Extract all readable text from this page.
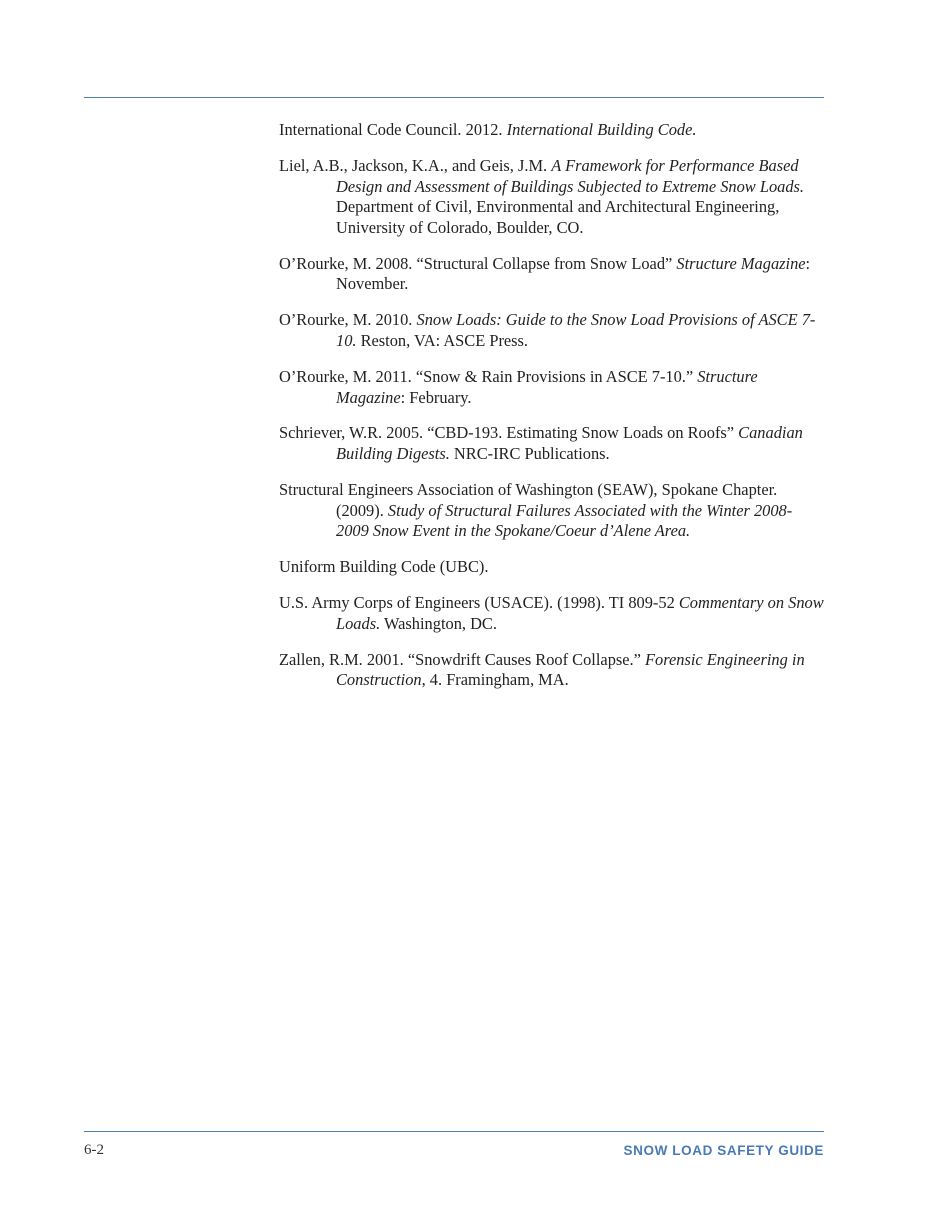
International Code Council. 2012. International Building Code.
Liel, A.B., Jackson, K.A., and Geis, J.M. A Framework for Performance Based Design and Assessment of Buildings Subjected to Extreme Snow Loads. Department of Civil, Environmental and Architectural Engineering, University of Colorado, Boulder, CO.
O’Rourke, M. 2008. “Structural Collapse from Snow Load” Structure Magazine: November.
O’Rourke, M. 2010. Snow Loads: Guide to the Snow Load Provisions of ASCE 7-10. Reston, VA: ASCE Press.
O’Rourke, M. 2011. “Snow & Rain Provisions in ASCE 7-10.” Structure Magazine: February.
Schriever, W.R. 2005. “CBD-193. Estimating Snow Loads on Roofs” Canadian Building Digests. NRC-IRC Publications.
Structural Engineers Association of Washington (SEAW), Spokane Chapter. (2009). Study of Structural Failures Associated with the Winter 2008-2009 Snow Event in the Spokane/Coeur d’Alene Area.
Uniform Building Code (UBC).
U.S. Army Corps of Engineers (USACE). (1998). TI 809-52 Commentary on Snow Loads. Washington, DC.
Zallen, R.M. 2001. “Snowdrift Causes Roof Collapse.” Forensic Engineering in Construction, 4. Framingham, MA.
6-2	SNOW LOAD SAFETY GUIDE
